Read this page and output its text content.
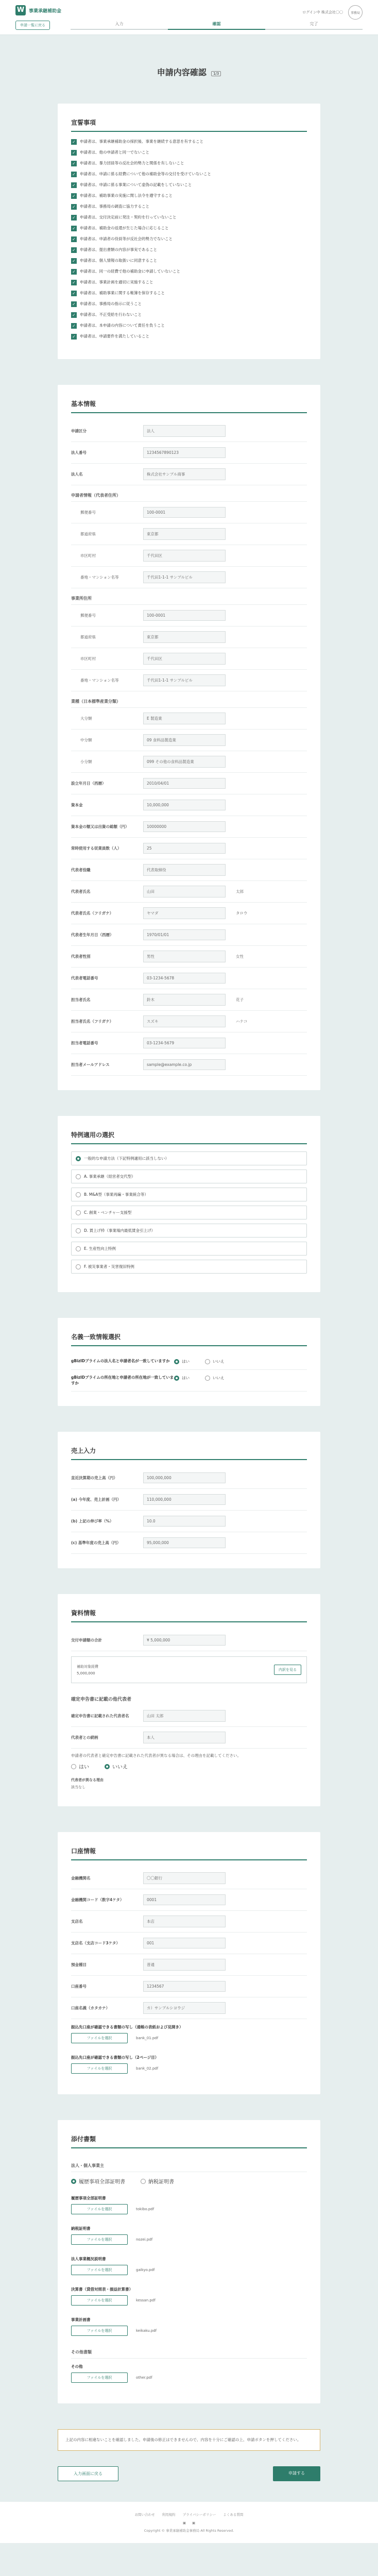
W 事業承継補助金	ログイン中 株式会社〇〇	事務局
申請一覧に戻る	入力	確認	完了
申請内容確認 1/3
宣誓事項
✓ 申請者は、事業承継補助金の採択後、事業を継続する意思を有すること
✓ 申請者は、他の申請者と同一でないこと
✓ 申請者は、暴力団員等の反社会的勢力と関係を有しないこと
✓ 申請者は、申請に係る経費について他の補助金等の交付を受けていないこと
✓ 申請者は、申請に係る事業について虚偽の記載をしていないこと
✓ 申請者は、補助事業の実施に関し法令を遵守すること
✓ 申請者は、事務局の調査に協力すること
✓ 申請者は、交付決定前に発注・契約を行っていないこと
✓ 申請者は、補助金の返還が生じた場合に応じること
✓ 申請者は、申請者の役員等が反社会的勢力でないこと
✓ 申請者は、提出書類の内容が事実であること
✓ 申請者は、個人情報の取扱いに同意すること
✓ 申請者は、同一の経費で他の補助金に申請していないこと
✓ 申請者は、事業計画を適切に実施すること
✓ 申請者は、補助事業に関する帳簿を保存すること
✓ 申請者は、事務局の指示に従うこと
✓ 申請者は、不正受給を行わないこと
✓ 申請者は、本申請の内容について責任を負うこと
✓ 申請者は、申請要件を満たしていること
基本情報
申請区分	法人
法人番号	1234567890123
法人名	株式会社サンプル商事
申請者情報（代表者住所）
郵便番号	100-0001
都道府県	東京都
市区町村	千代田区
番地・マンション名等	千代田1-1-1 サンプルビル
事業所住所
郵便番号	100-0001
都道府県	東京都
市区町村	千代田区
番地・マンション名等	千代田1-1-1 サンプルビル
業種（日本標準産業分類）
大分類	E 製造業
中分類	09 食料品製造業
小分類	099 その他の食料品製造業
設立年月日（西暦）	2010/04/01
資本金	10,000,000
資本金の額又は出資の総額（円）	10000000
常時使用する従業員数（人）	25
代表者役職	代表取締役
代表者氏名	山田	太郎
代表者氏名（フリガナ）	ヤマダ	タロウ
代表者生年月日（西暦）	1970/01/01
代表者性別	男性	女性
代表者電話番号	03-1234-5678
担当者氏名	鈴木	花子
担当者氏名（フリガナ）	スズキ	ハナコ
担当者電話番号	03-1234-5679
担当者メールアドレス	sample@example.co.jp
特例適用の選択
一般的な申請方法（下記特例適用に該当しない）
A. 事業承継（経営者交代型）
B. M&A型（事業再編・事業統合等）
C. 創業・ベンチャー支援型
D. 賃上げ枠（事業場内最低賃金引上げ）
E. 生産性向上特例
F. 被災事業者・災害復旧特例
名義一致情報選択
gBizIDプライムの法人名と申請者名が一致していますか	はい	いいえ
gBizIDプライムの所在地と申請者の所在地が一致していますか
はい	いいえ
売上入力
直近決算期の売上高（円）	100,000,000
(a) 今年度、売上計画（円）	110,000,000
(b) 上記の伸び率（%）	10.0
(c) 基準年度の売上高（円）	95,000,000
資料情報
交付申請額の合計	¥ 5,000,000
補助対象経費
5,000,000
内訳を見る
確定申告書に記載の他代表者
確定申告書に記載された代表者名	山田 太郎
代表者との続柄	本人
申請者の代表者と確定申告書に記載された代表者が異なる場合は、その理由を記載してください。
はい	いいえ
代表者が異なる理由
該当なし
口座情報
金融機関名	〇〇銀行
金融機関コード（数字4ケタ）	0001
支店名	本店
支店名（支店コード3ケタ）	001
預金種目	普通
口座番号	1234567
口座名義（カタカナ）	カ）サンプルシヨウジ
振込先口座が確認できる書類の写し（通帳の表紙および見開き）
ファイルを選択	bank_01.pdf
振込先口座が確認できる書類の写し（2ページ目）
ファイルを選択	bank_02.pdf
添付書類
法人・個人事業主
履歴事項全部証明書	納税証明書
履歴事項全部証明書
ファイルを選択	tokibo.pdf
納税証明書
ファイルを選択	nozei.pdf
法人事業概況説明書
ファイルを選択	gaikyo.pdf
決算書（貸借対照表・損益計算書）
ファイルを選択	kessan.pdf
事業計画書
ファイルを選択	keikaku.pdf
その他書類
その他
ファイルを選択	other.pdf
上記の内容に相違ないことを確認しました。申請後の修正はできませんので、内容を十分にご確認の上、申請ボタンを押してください。
入力画面に戻る	申請する
お問い合わせ 利用規約 プライバシーポリシー よくある質問
▣ ▣
Copyright © 事業承継補助金事務局 All Rights Reserved.
